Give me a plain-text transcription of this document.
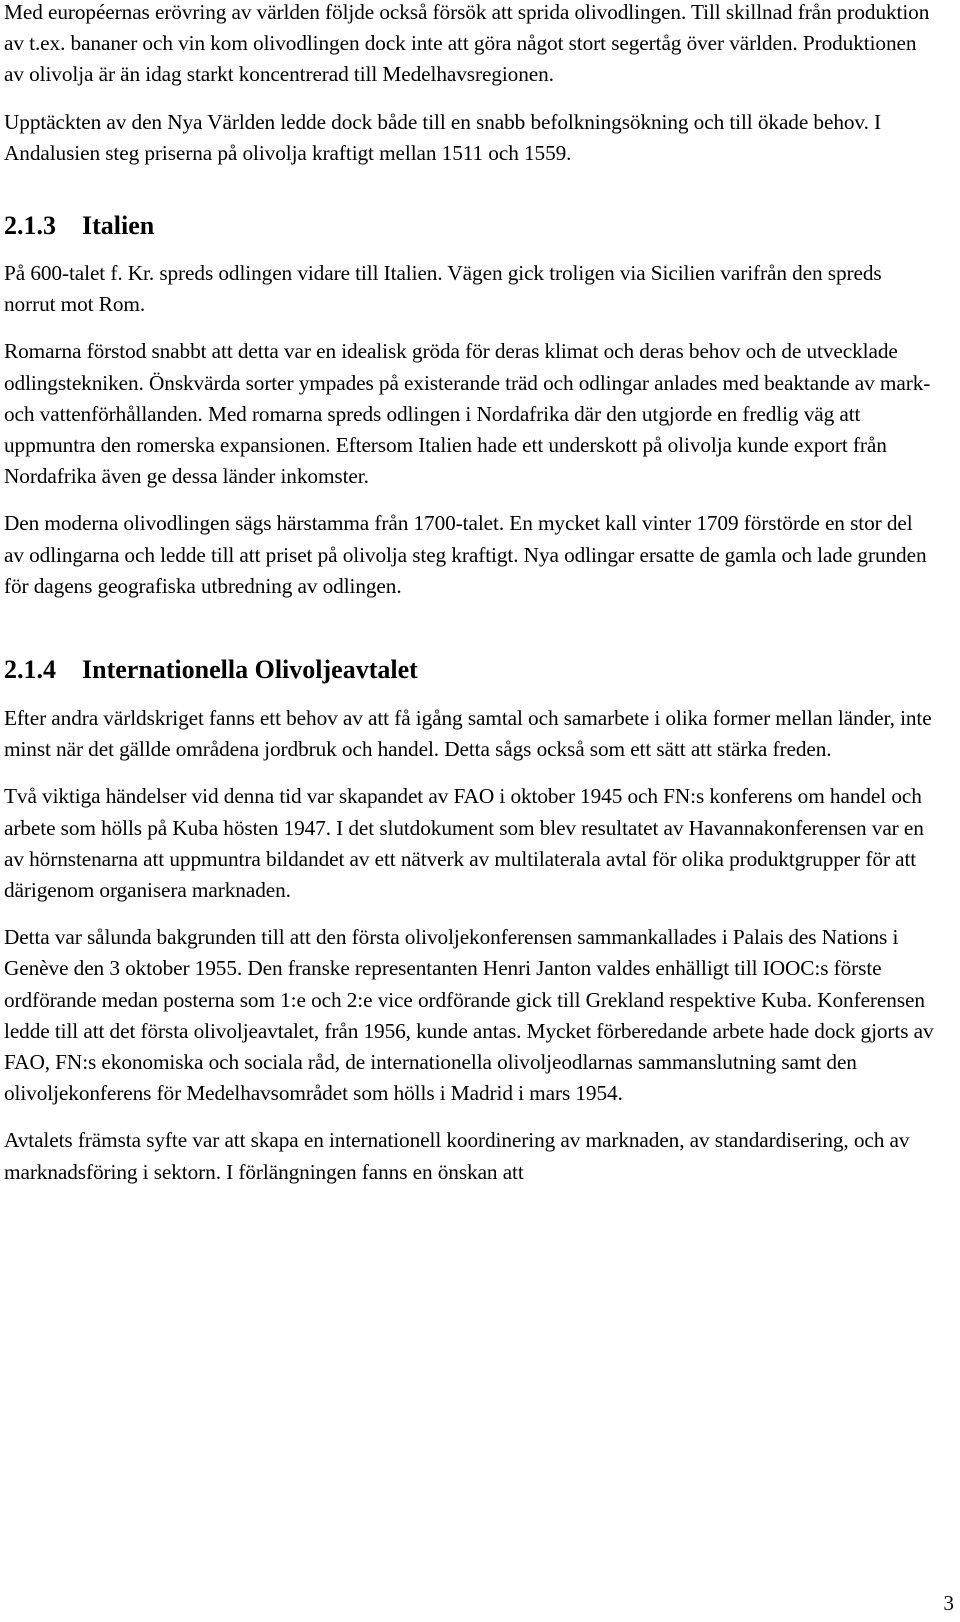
Med européernas erövring av världen följde också försök att sprida olivodlingen. Till skillnad från produktion av t.ex. bananer och vin kom olivodlingen dock inte att göra något stort segertåg över världen. Produktionen av olivolja är än idag starkt koncentrerad till Medelhavsregionen.

Upptäckten av den Nya Världen ledde dock både till en snabb befolkningsökning och till ökade behov. I Andalusien steg priserna på olivolja kraftigt mellan 1511 och 1559.

2.1.3 Italien

På 600-talet f. Kr. spreds odlingen vidare till Italien. Vägen gick troligen via Sicilien varifrån den spreds norrut mot Rom.

Romarna förstod snabbt att detta var en idealisk gröda för deras klimat och deras behov och de utvecklade odlingstekniken. Önskvärda sorter ympades på existerande träd och odlingar anlades med beaktande av mark- och vattenförhållanden. Med romarna spreds odlingen i Nordafrika där den utgjorde en fredlig väg att uppmuntra den romerska expansionen. Eftersom Italien hade ett underskott på olivolja kunde export från Nordafrika även ge dessa länder inkomster.

Den moderna olivodlingen sägs härstamma från 1700-talet. En mycket kall vinter 1709 förstörde en stor del av odlingarna och ledde till att priset på olivolja steg kraftigt. Nya odlingar ersatte de gamla och lade grunden för dagens geografiska utbredning av odlingen.

2.1.4 Internationella Olivoljeavtalet

Efter andra världskriget fanns ett behov av att få igång samtal och samarbete i olika former mellan länder, inte minst när det gällde områdena jordbruk och handel. Detta sågs också som ett sätt att stärka freden.

Två viktiga händelser vid denna tid var skapandet av FAO i oktober 1945 och FN:s konferens om handel och arbete som hölls på Kuba hösten 1947. I det slutdokument som blev resultatet av Havannakonferensen var en av hörnstenarna att uppmuntra bildandet av ett nätverk av multilaterala avtal för olika produktgrupper för att därigenom organisera marknaden.

Detta var sålunda bakgrunden till att den första olivoljekonferensen sammankallades i Palais des Nations i Genève den 3 oktober 1955. Den franske representanten Henri Janton valdes enhälligt till IOOC:s förste ordförande medan posterna som 1:e och 2:e vice ordförande gick till Grekland respektive Kuba. Konferensen ledde till att det första olivoljeavtalet, från 1956, kunde antas. Mycket förberedande arbete hade dock gjorts av FAO, FN:s ekonomiska och sociala råd, de internationella olivoljeodlarnas sammanslutning samt den olivoljekonferens för Medelhavsområdet som hölls i Madrid i mars 1954.

Avtalets främsta syfte var att skapa en internationell koordinering av marknaden, av standardisering, och av marknadsföring i sektorn. I förlängningen fanns en önskan att

3
